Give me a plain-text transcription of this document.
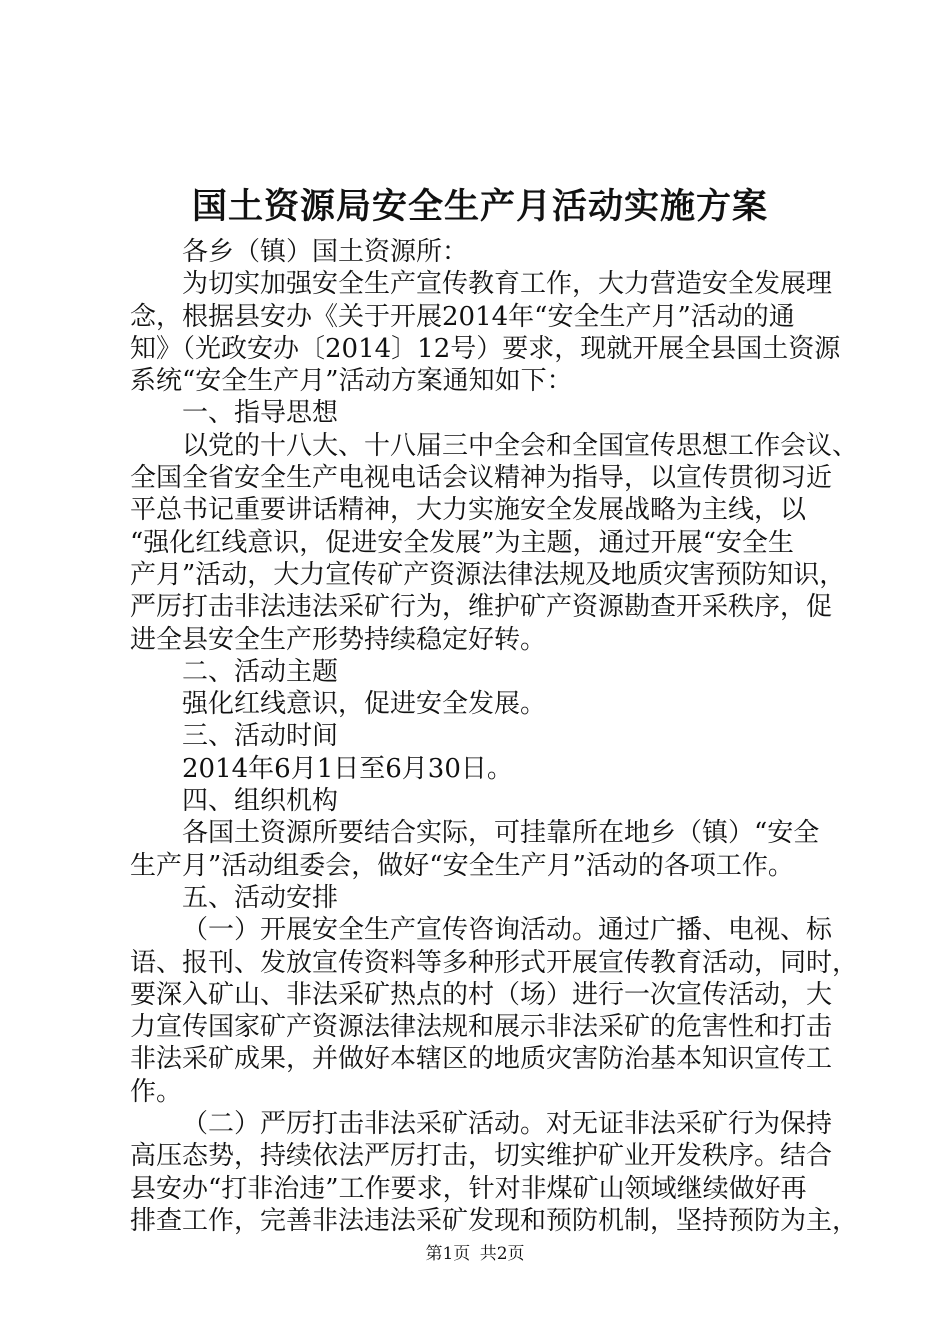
国土资源局安全生产月活动实施方案

各乡（镇）国土资源所：

为切实加强安全生产宣传教育工作，大力营造安全发展理

念，根据县安办《关于开展2014年“安全生产月”活动的通

知》（光政安办〔2014〕12号）要求，现就开展全县国土资源

系统“安全生产月”活动方案通知如下：

一、指导思想

以党的十八大、十八届三中全会和全国宣传思想工作会议、

全国全省安全生产电视电话会议精神为指导，以宣传贯彻习近

平总书记重要讲话精神，大力实施安全发展战略为主线，以

“强化红线意识，促进安全发展”为主题，通过开展“安全生

产月”活动，大力宣传矿产资源法律法规及地质灾害预防知识，

严厉打击非法违法采矿行为，维护矿产资源勘查开采秩序，促

进全县安全生产形势持续稳定好转。

二、活动主题

强化红线意识，促进安全发展。

三、活动时间

2014年6月1日至6月30日。

四、组织机构

各国土资源所要结合实际，可挂靠所在地乡（镇）“安全

生产月”活动组委会，做好“安全生产月”活动的各项工作。

五、活动安排

（一）开展安全生产宣传咨询活动。通过广播、电视、标

语、报刊、发放宣传资料等多种形式开展宣传教育活动，同时，

要深入矿山、非法采矿热点的村（场）进行一次宣传活动，大

力宣传国家矿产资源法律法规和展示非法采矿的危害性和打击

非法采矿成果，并做好本辖区的地质灾害防治基本知识宣传工

作。

（二）严厉打击非法采矿活动。对无证非法采矿行为保持

高压态势，持续依法严厉打击，切实维护矿业开发秩序。结合

县安办“打非治违”工作要求，针对非煤矿山领域继续做好再

排查工作，完善非法违法采矿发现和预防机制，坚持预防为主，

第1页 共2页
